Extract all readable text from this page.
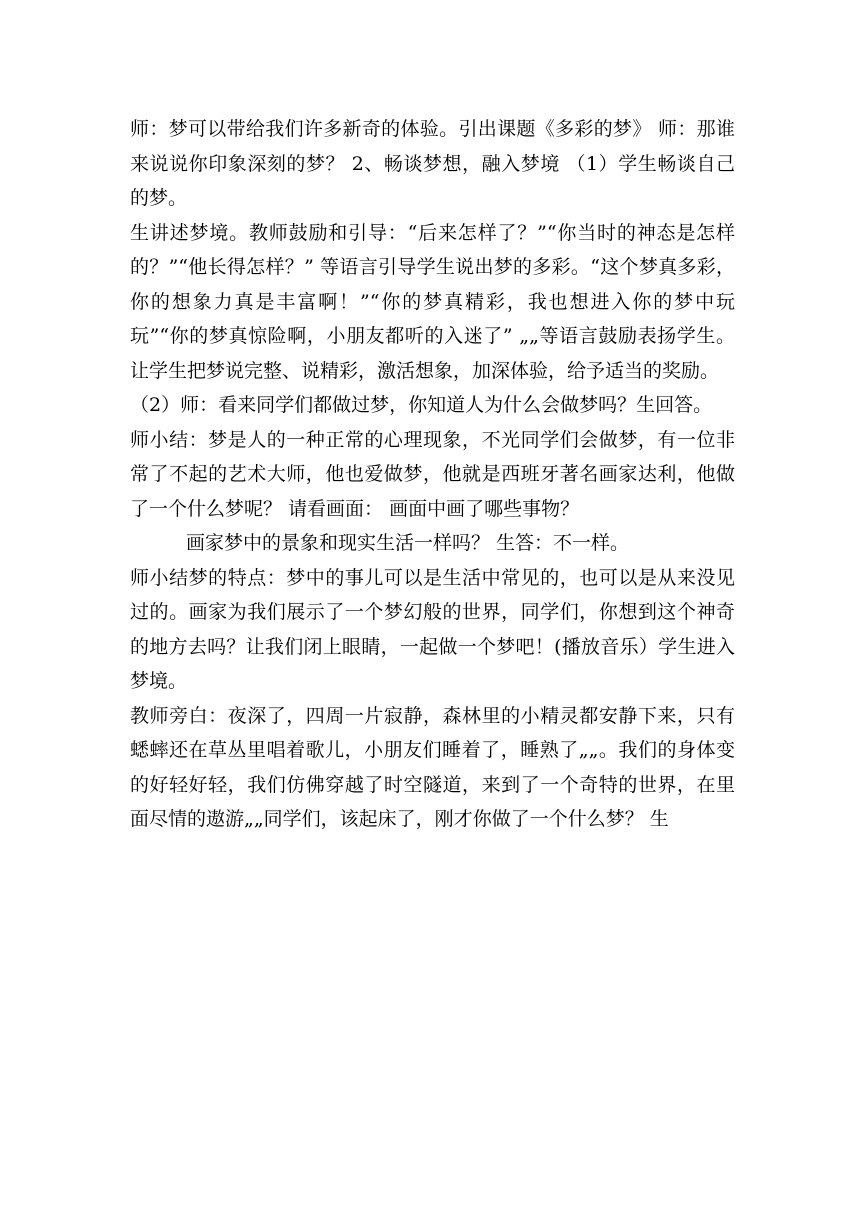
师：梦可以带给我们许多新奇的体验。引出课题《多彩的梦》 师：那谁来说说你印象深刻的梦？ 2、畅谈梦想，融入梦境 （1）学生畅谈自己的梦。

生讲述梦境。教师鼓励和引导：“后来怎样了？”“你当时的神态是怎样的？”“他长得怎样？” 等语言引导学生说出梦的多彩。“这个梦真多彩，你的想象力真是丰富啊！”“你的梦真精彩，我也想进入你的梦中玩玩”“你的梦真惊险啊，小朋友都听的入迷了” „„等语言鼓励表扬学生。让学生把梦说完整、说精彩，激活想象，加深体验，给予适当的奖励。

（2）师：看来同学们都做过梦，你知道人为什么会做梦吗？生回答。

师小结：梦是人的一种正常的心理现象，不光同学们会做梦，有一位非常了不起的艺术大师，他也爱做梦，他就是西班牙著名画家达利，他做了一个什么梦呢？ 请看画面： 画面中画了哪些事物？

画家梦中的景象和现实生活一样吗？ 生答：不一样。

师小结梦的特点：梦中的事儿可以是生活中常见的，也可以是从来没见过的。画家为我们展示了一个梦幻般的世界，同学们，你想到这个神奇的地方去吗？让我们闭上眼睛，一起做一个梦吧！(播放音乐）学生进入梦境。

教师旁白：夜深了，四周一片寂静，森林里的小精灵都安静下来，只有蟋蟀还在草丛里唱着歌儿，小朋友们睡着了，睡熟了„„。我们的身体变的好轻好轻，我们仿佛穿越了时空隧道，来到了一个奇特的世界，在里面尽情的遨游„„同学们，该起床了，刚才你做了一个什么梦？ 生
